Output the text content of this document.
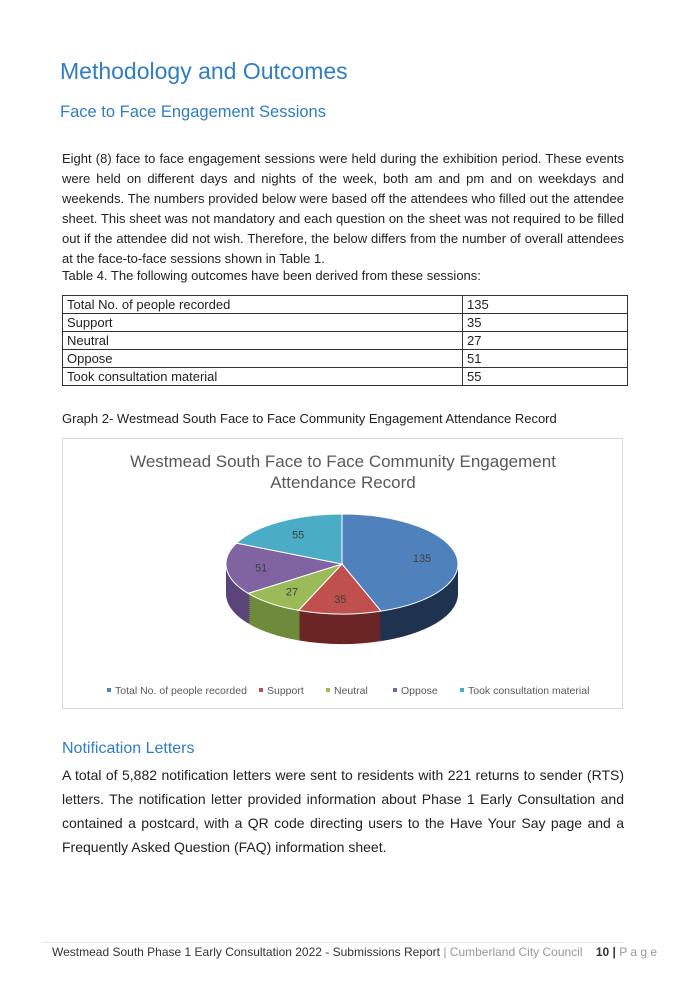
Methodology and Outcomes
Face to Face Engagement Sessions
Eight (8) face to face engagement sessions were held during the exhibition period. These events were held on different days and nights of the week, both am and pm and on weekdays and weekends. The numbers provided below were based off the attendees who filled out the attendee sheet. This sheet was not mandatory and each question on the sheet was not required to be filled out if the attendee did not wish. Therefore, the below differs from the number of overall attendees at the face-to-face sessions shown in Table 1.
Table 4. The following outcomes have been derived from these sessions:
Total No. of people recorded	135
Support	35
Neutral	27
Oppose	51
Took consultation material	55
Graph 2- Westmead South Face to Face Community Engagement Attendance Record
Westmead South Face to Face Community Engagement
Attendance Record
135
35
27
51
55
Total No. of people recorded Support	Neutral	Oppose	Took consultation material
Notification Letters
A total of 5,882 notification letters were sent to residents with 221 returns to sender (RTS) letters. The notification letter provided information about Phase 1 Early Consultation and contained a postcard, with a QR code directing users to the Have Your Say page and a Frequently Asked Question (FAQ) information sheet.
Westmead South Phase 1 Early Consultation 2022 - Submissions Report | Cumberland City Council 10 | P a g e
